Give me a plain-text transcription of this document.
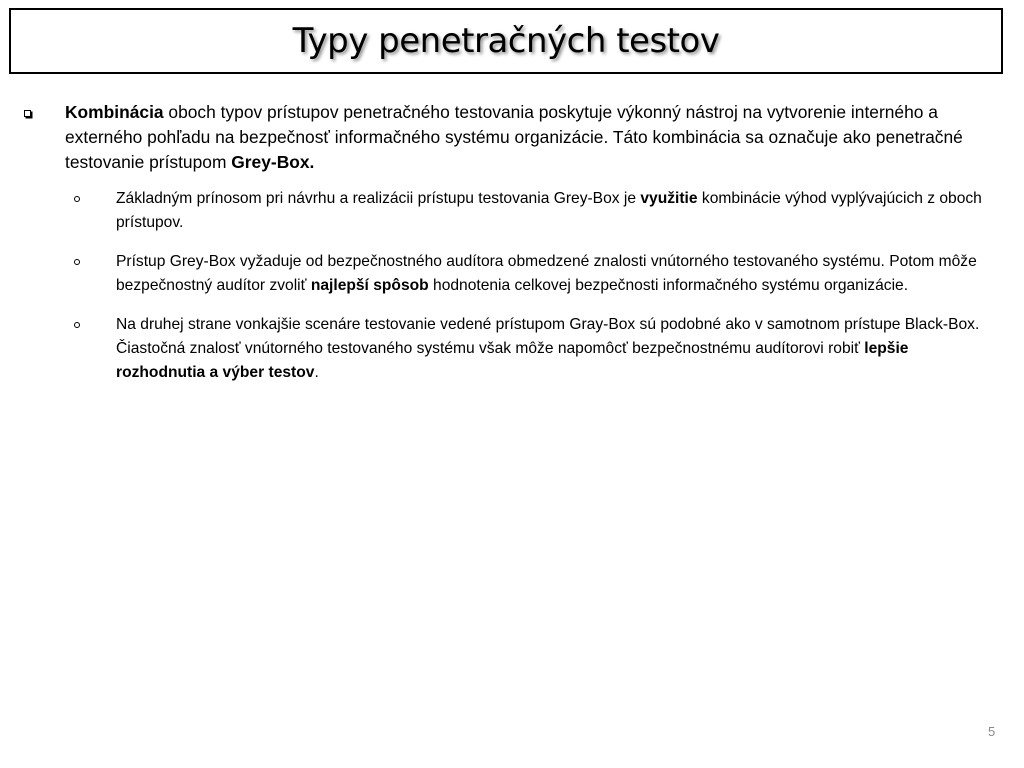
Typy penetračných testov
Kombinácia oboch typov prístupov penetračného testovania poskytuje výkonný nástroj na vytvorenie interného a externého pohľadu na bezpečnosť informačného systému organizácie. Táto kombinácia sa označuje ako penetračné testovanie prístupom Grey-Box.
Základným prínosom pri návrhu a realizácii prístupu testovania Grey-Box je využitie kombinácie výhod vyplývajúcich z oboch prístupov.
Prístup Grey-Box vyžaduje od bezpečnostného audítora obmedzené znalosti vnútorného testovaného systému. Potom môže bezpečnostný audítor zvoliť najlepší spôsob hodnotenia celkovej bezpečnosti informačného systému organizácie.
Na druhej strane vonkajšie scenáre testovanie vedené prístupom Gray-Box sú podobné ako v samotnom prístupe Black-Box. Čiastočná znalosť vnútorného testovaného systému však môže napomôcť bezpečnostnému audítorovi robiť lepšie rozhodnutia a výber testov.
5
